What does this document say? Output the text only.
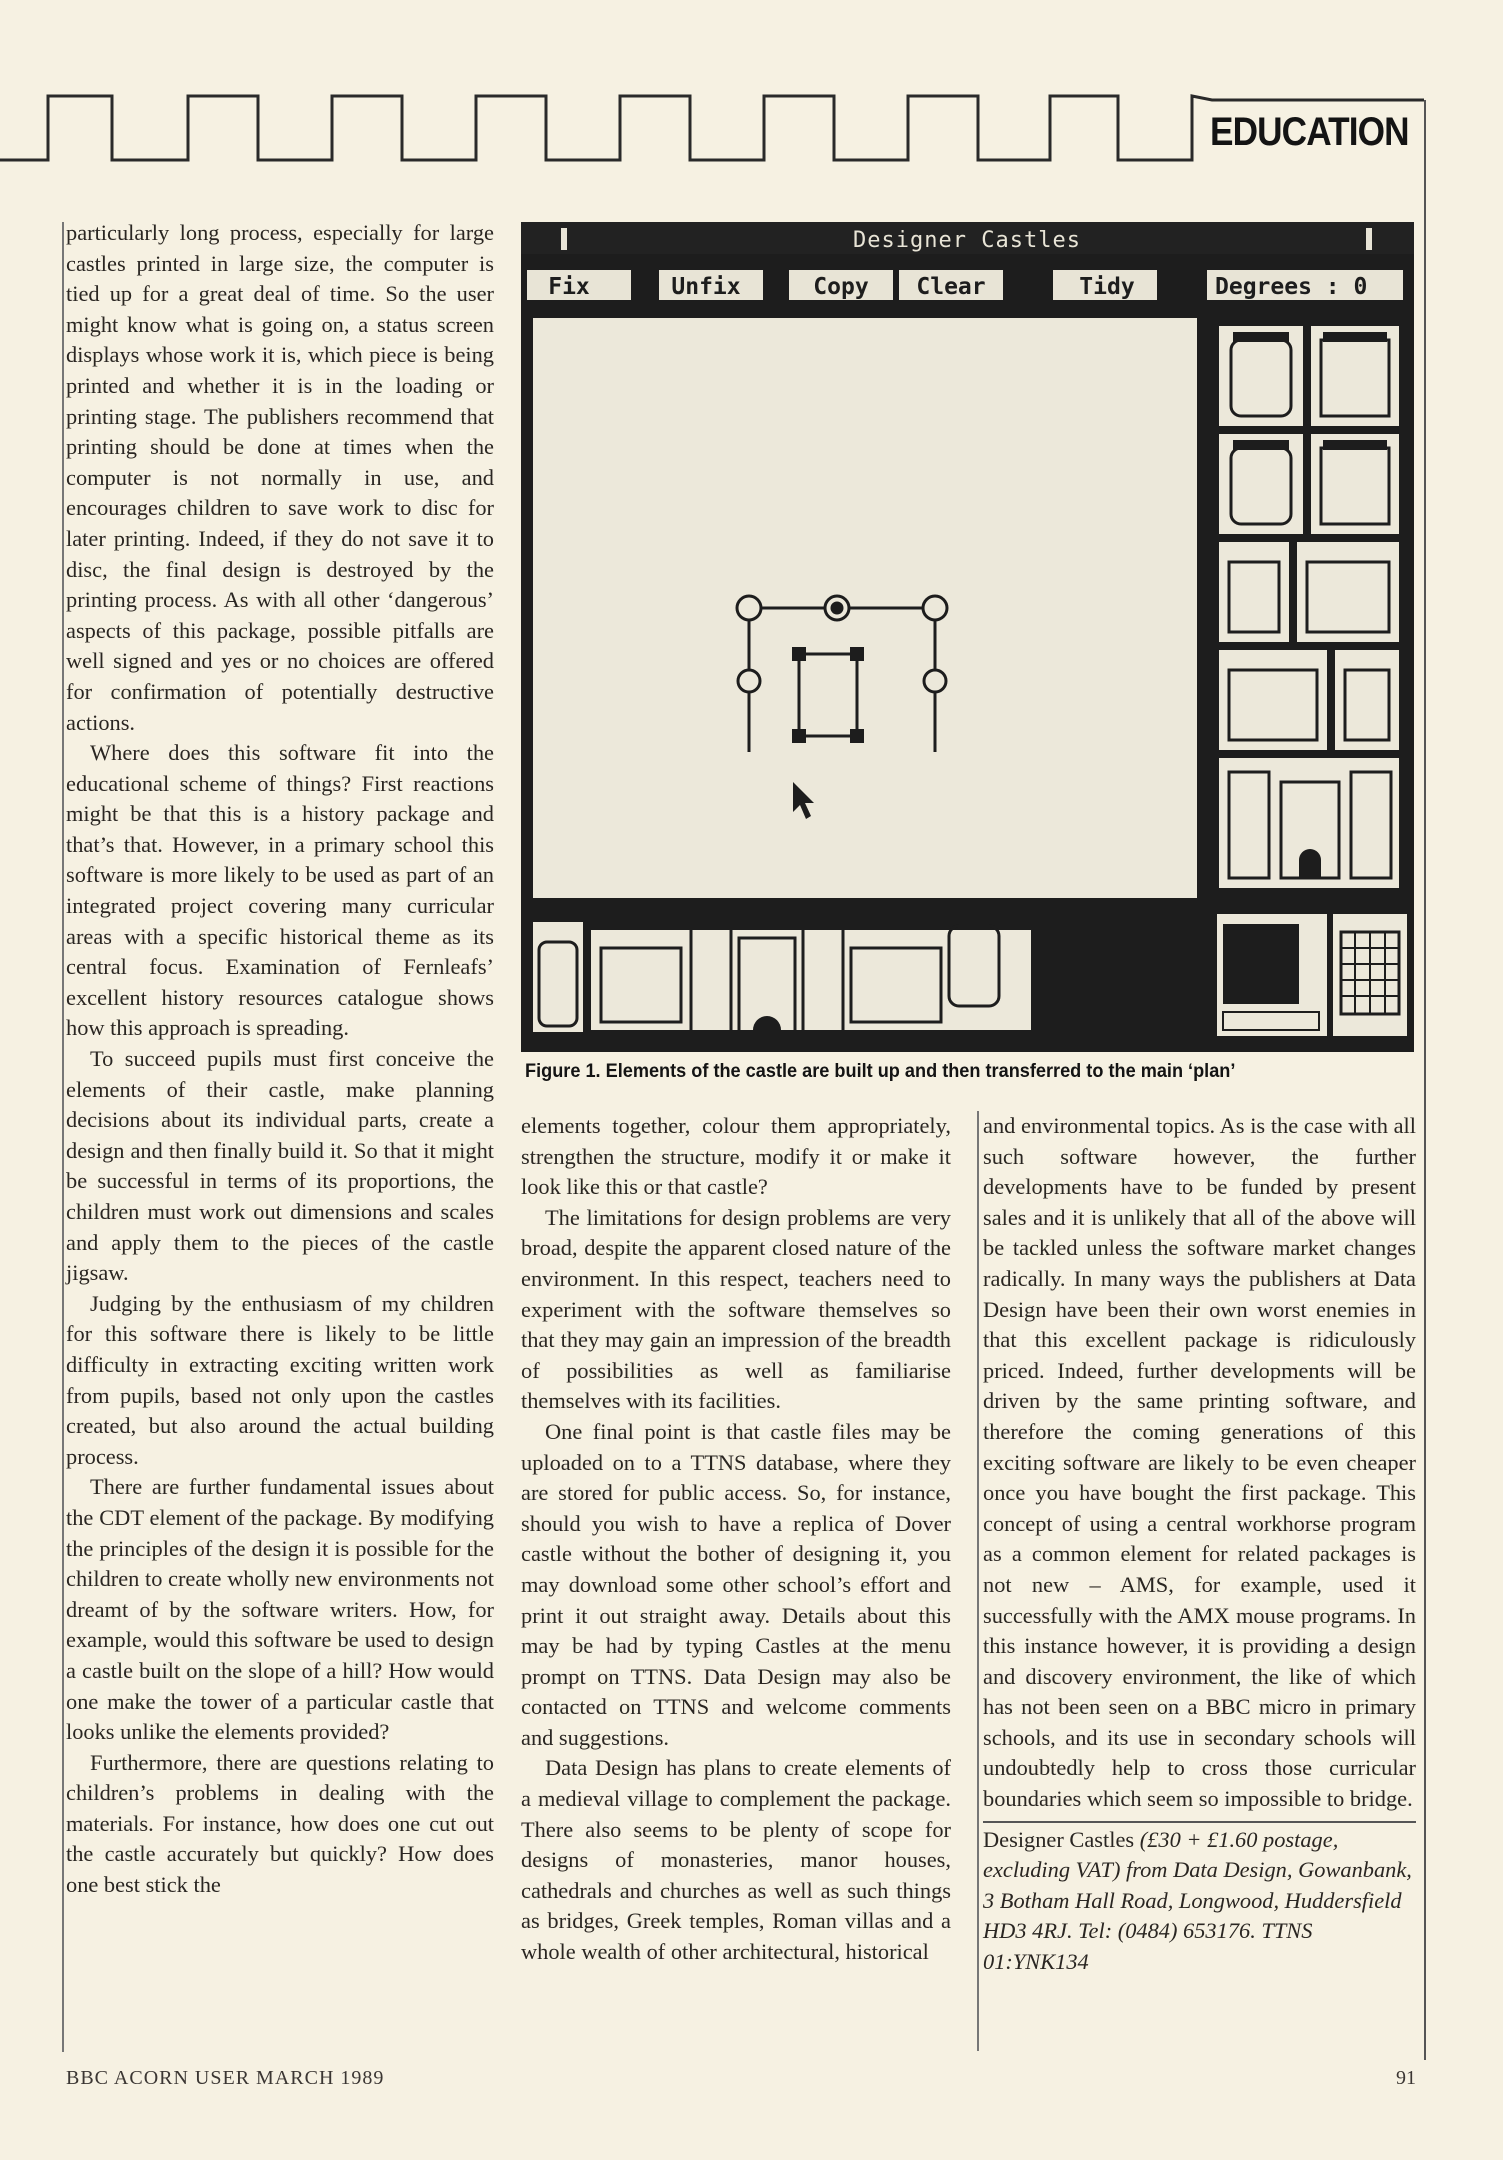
EDUCATION
Designer Castles
Fix	Unfix	Copy Clear	Tidy	Degrees : 0
Figure 1. Elements of the castle are built up and then transferred to the main ‘plan’

particularly long process, especially for large castles printed in large size, the computer is tied up for a great deal of time. So the user might know what is going on, a status screen displays whose work it is, which piece is being printed and whether it is in the loading or printing stage. The publishers recommend that printing should be done at times when the computer is not normally in use, and encourages children to save work to disc for later printing. Indeed, if they do not save it to disc, the final design is destroyed by the printing process. As with all other ‘dangerous’ aspects of this package, possible pitfalls are well signed and yes or no choices are offered for confirmation of potentially destructive actions.

Where does this software fit into the educational scheme of things? First reactions might be that this is a history package and that’s that. However, in a primary school this software is more likely to be used as part of an integrated project covering many curricular areas with a specific historical theme as its central focus. Examination of Fernleafs’ excellent history resources catalogue shows how this approach is spreading.

To succeed pupils must first conceive the elements of their castle, make planning decisions about its individual parts, create a design and then finally build it. So that it might be successful in terms of its proportions, the children must work out dimensions and scales and apply them to the pieces of the castle jigsaw.

Judging by the enthusiasm of my children for this software there is likely to be little difficulty in extracting exciting written work from pupils, based not only upon the castles created, but also around the actual building process.

There are further fundamental issues about the CDT element of the package. By modifying the principles of the design it is possible for the children to create wholly new environments not dreamt of by the software writers. How, for example, would this software be used to design a castle built on the slope of a hill? How would one make the tower of a particular castle that looks unlike the elements provided?

Furthermore, there are questions relating to children’s problems in dealing with the materials. For instance, how does one cut out the castle accurately but quickly? How does one best stick the

elements together, colour them appropriately, strengthen the structure, modify it or make it look like this or that castle?

The limitations for design problems are very broad, despite the apparent closed nature of the environment. In this respect, teachers need to experiment with the software themselves so that they may gain an impression of the breadth of possibilities as well as familiarise themselves with its facilities.

One final point is that castle files may be uploaded on to a TTNS database, where they are stored for public access. So, for instance, should you wish to have a replica of Dover castle without the bother of designing it, you may download some other school’s effort and print it out straight away. Details about this may be had by typing Castles at the menu prompt on TTNS. Data Design may also be contacted on TTNS and welcome comments and suggestions.

Data Design has plans to create elements of a medieval village to complement the package. There also seems to be plenty of scope for designs of monasteries, manor houses, cathedrals and churches as well as such things as bridges, Greek temples, Roman villas and a whole wealth of other architectural, historical

and environmental topics. As is the case with all such software however, the further developments have to be funded by present sales and it is unlikely that all of the above will be tackled unless the software market changes radically. In many ways the publishers at Data Design have been their own worst enemies in that this excellent package is ridiculously priced. Indeed, further developments will be driven by the same printing software, and therefore the coming generations of this exciting software are likely to be even cheaper once you have bought the first package. This concept of using a central workhorse program as a common element for related packages is not new – AMS, for example, used it successfully with the AMX mouse programs. In this instance however, it is providing a design and discovery environment, the like of which has not been seen on a BBC micro in primary schools, and its use in secondary schools will undoubtedly help to cross those curricular boundaries which seem so impossible to bridge.

Designer Castles (£30 + £1.60 postage, excluding VAT) from Data Design, Gowanbank, 3 Botham Hall Road, Longwood, Huddersfield HD3 4RJ. Tel: (0484) 653176. TTNS 01:YNK134
BBC ACORN USER MARCH 1989	91
